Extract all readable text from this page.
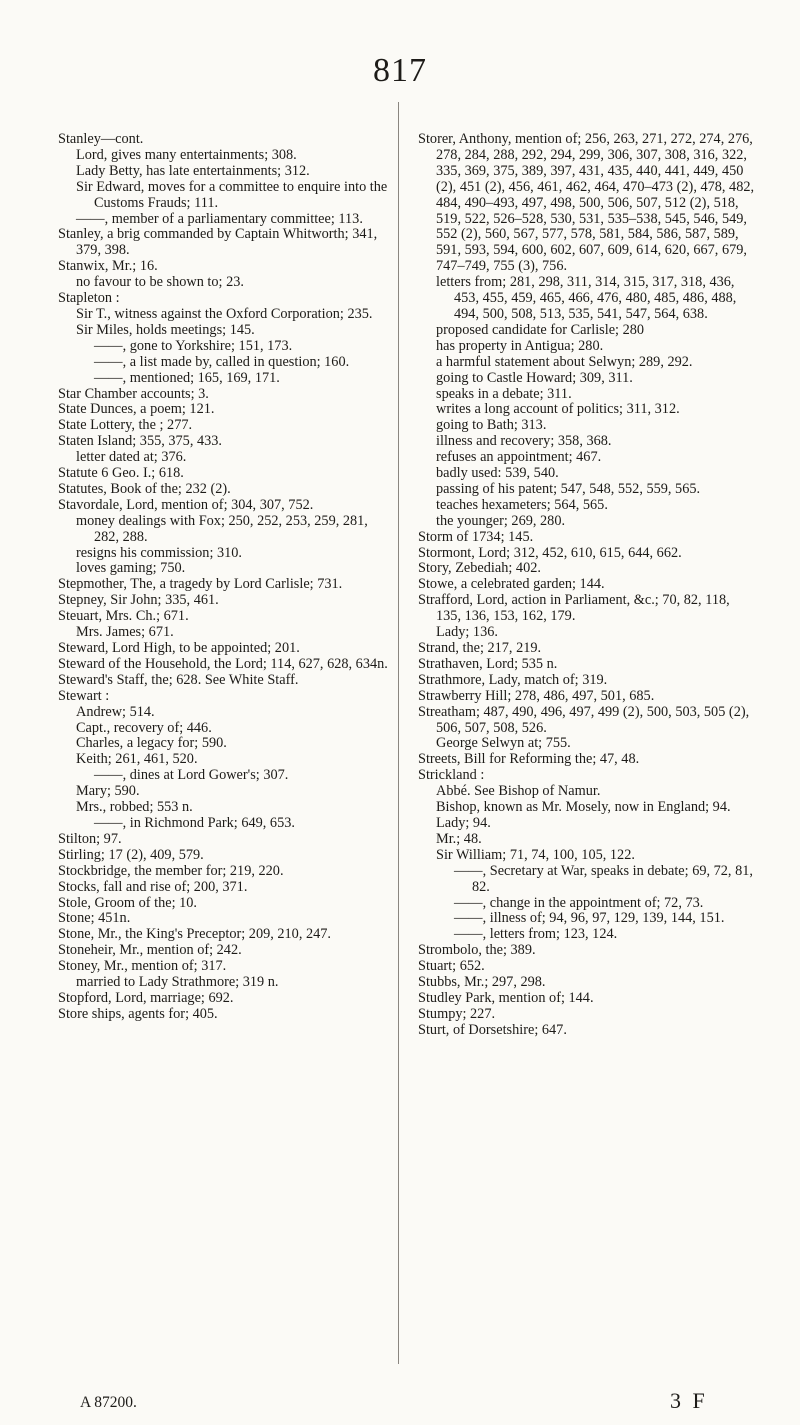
817
Stanley—cont.
Lord, gives many entertainments; 308.
Lady Betty, has late entertainments; 312.
Sir Edward, moves for a committee to enquire into the Customs Frauds; 111.
——, member of a parliamentary committee; 113.
Stanley, a brig commanded by Captain Whitworth; 341, 379, 398.
Stanwix, Mr.; 16.
no favour to be shown to; 23.
Stapleton :
Sir T., witness against the Oxford Corporation; 235.
Sir Miles, holds meetings; 145.
——, gone to Yorkshire; 151, 173.
——, a list made by, called in question; 160.
——, mentioned; 165, 169, 171.
Star Chamber accounts; 3.
State Dunces, a poem; 121.
State Lottery, the ; 277.
Staten Island; 355, 375, 433.
letter dated at; 376.
Statute 6 Geo. I.; 618.
Statutes, Book of the; 232 (2).
Stavordale, Lord, mention of; 304, 307, 752.
money dealings with Fox; 250, 252, 253, 259, 281, 282, 288.
resigns his commission; 310.
loves gaming; 750.
Stepmother, The, a tragedy by Lord Carlisle; 731.
Stepney, Sir John; 335, 461.
Steuart, Mrs. Ch.; 671.
Mrs. James; 671.
Steward, Lord High, to be appointed; 201.
Steward of the Household, the Lord; 114, 627, 628, 634n.
Steward's Staff, the; 628. See White Staff.
Stewart :
Andrew; 514.
Capt., recovery of; 446.
Charles, a legacy for; 590.
Keith; 261, 461, 520.
——, dines at Lord Gower's; 307.
Mary; 590.
Mrs., robbed; 553 n.
——, in Richmond Park; 649, 653.
Stilton; 97.
Stirling; 17 (2), 409, 579.
Stockbridge, the member for; 219, 220.
Stocks, fall and rise of; 200, 371.
Stole, Groom of the; 10.
Stone; 451n.
Stone, Mr., the King's Preceptor; 209, 210, 247.
Stoneheir, Mr., mention of; 242.
Stoney, Mr., mention of; 317.
married to Lady Strathmore; 319 n.
Stopford, Lord, marriage; 692.
Store ships, agents for; 405.
Storer, Anthony, mention of; 256, 263, 271, 272, 274, 276, 278, 284, 288, 292, 294, 299, 306, 307, 308, 316, 322, 335, 369, 375, 389, 397, 431, 435, 440, 441, 449, 450 (2), 451 (2), 456, 461, 462, 464, 470–473 (2), 478, 482, 484, 490–493, 497, 498, 500, 506, 507, 512 (2), 518, 519, 522, 526–528, 530, 531, 535–538, 545, 546, 549, 552 (2), 560, 567, 577, 578, 581, 584, 586, 587, 589, 591, 593, 594, 600, 602, 607, 609, 614, 620, 667, 679, 747–749, 755 (3), 756.
letters from; 281, 298, 311, 314, 315, 317, 318, 436, 453, 455, 459, 465, 466, 476, 480, 485, 486, 488, 494, 500, 508, 513, 535, 541, 547, 564, 638.
proposed candidate for Carlisle; 280
has property in Antigua; 280.
a harmful statement about Selwyn; 289, 292.
going to Castle Howard; 309, 311.
speaks in a debate; 311.
writes a long account of politics; 311, 312.
going to Bath; 313.
illness and recovery; 358, 368.
refuses an appointment; 467.
badly used: 539, 540.
passing of his patent; 547, 548, 552, 559, 565.
teaches hexameters; 564, 565.
the younger; 269, 280.
Storm of 1734; 145.
Stormont, Lord; 312, 452, 610, 615, 644, 662.
Story, Zebediah; 402.
Stowe, a celebrated garden; 144.
Strafford, Lord, action in Parliament, &c.; 70, 82, 118, 135, 136, 153, 162, 179.
Lady; 136.
Strand, the; 217, 219.
Strathaven, Lord; 535 n.
Strathmore, Lady, match of; 319.
Strawberry Hill; 278, 486, 497, 501, 685.
Streatham; 487, 490, 496, 497, 499 (2), 500, 503, 505 (2), 506, 507, 508, 526.
George Selwyn at; 755.
Streets, Bill for Reforming the; 47, 48.
Strickland :
Abbé. See Bishop of Namur.
Bishop, known as Mr. Mosely, now in England; 94.
Lady; 94.
Mr.; 48.
Sir William; 71, 74, 100, 105, 122.
——, Secretary at War, speaks in debate; 69, 72, 81, 82.
——, change in the appointment of; 72, 73.
——, illness of; 94, 96, 97, 129, 139, 144, 151.
——, letters from; 123, 124.
Strombolo, the; 389.
Stuart; 652.
Stubbs, Mr.; 297, 298.
Studley Park, mention of; 144.
Stumpy; 227.
Sturt, of Dorsetshire; 647.
A 87200.	3 F
